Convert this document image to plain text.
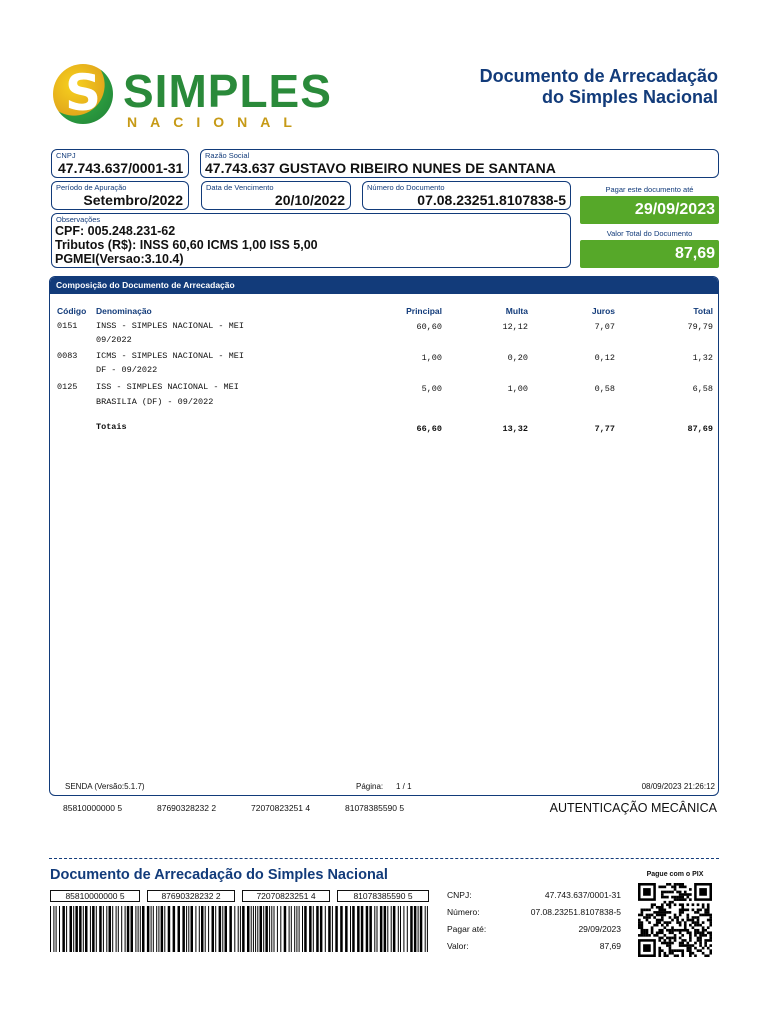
S SIMPLES
NACIONAL
Documento de Arrecadação
do Simples Nacional
CNPJ
47.743.637/0001-31
Razão Social
47.743.637 GUSTAVO RIBEIRO NUNES DE SANTANA
Período de Apuração
Setembro/2022
Data de Vencimento
20/10/2022
Número do Documento
07.08.23251.8107838-5
Pagar este documento até
29/09/2023
Observações
CPF: 005.248.231-62
Tributos (R$): INSS 60,60 ICMS 1,00 ISS 5,00
PGMEI(Versao:3.10.4)
Valor Total do Documento
87,69
Composição do Documento de Arrecadação
Código Denominação	Principal	Multa	Juros	Total
0151 INSS - SIMPLES NACIONAL - MEI
09/2022
60,60	12,12	7,07	79,79
0083 ICMS - SIMPLES NACIONAL - MEI
DF - 09/2022
1,00	0,20	0,12	1,32
0125 ISS - SIMPLES NACIONAL - MEI
BRASILIA (DF) - 09/2022
5,00	1,00	0,58	6,58
Totais	66,60	13,32	7,77	87,69
SENDA (Versão:5.1.7)	Página: 1 / 1	08/09/2023 21:26:12
85810000000 5	87690328232 2	72070823251 4	81078385590 5	AUTENTICAÇÃO MECÂNICA
Documento de Arrecadação do Simples Nacional
85810000000 5	87690328232 2	72070823251 4	81078385590 5	CNPJ:	47.743.637/0001-31
Número:	07.08.23251.8107838-5
Pagar até:	29/09/2023
Valor:	87,69
Pague com o PIX
